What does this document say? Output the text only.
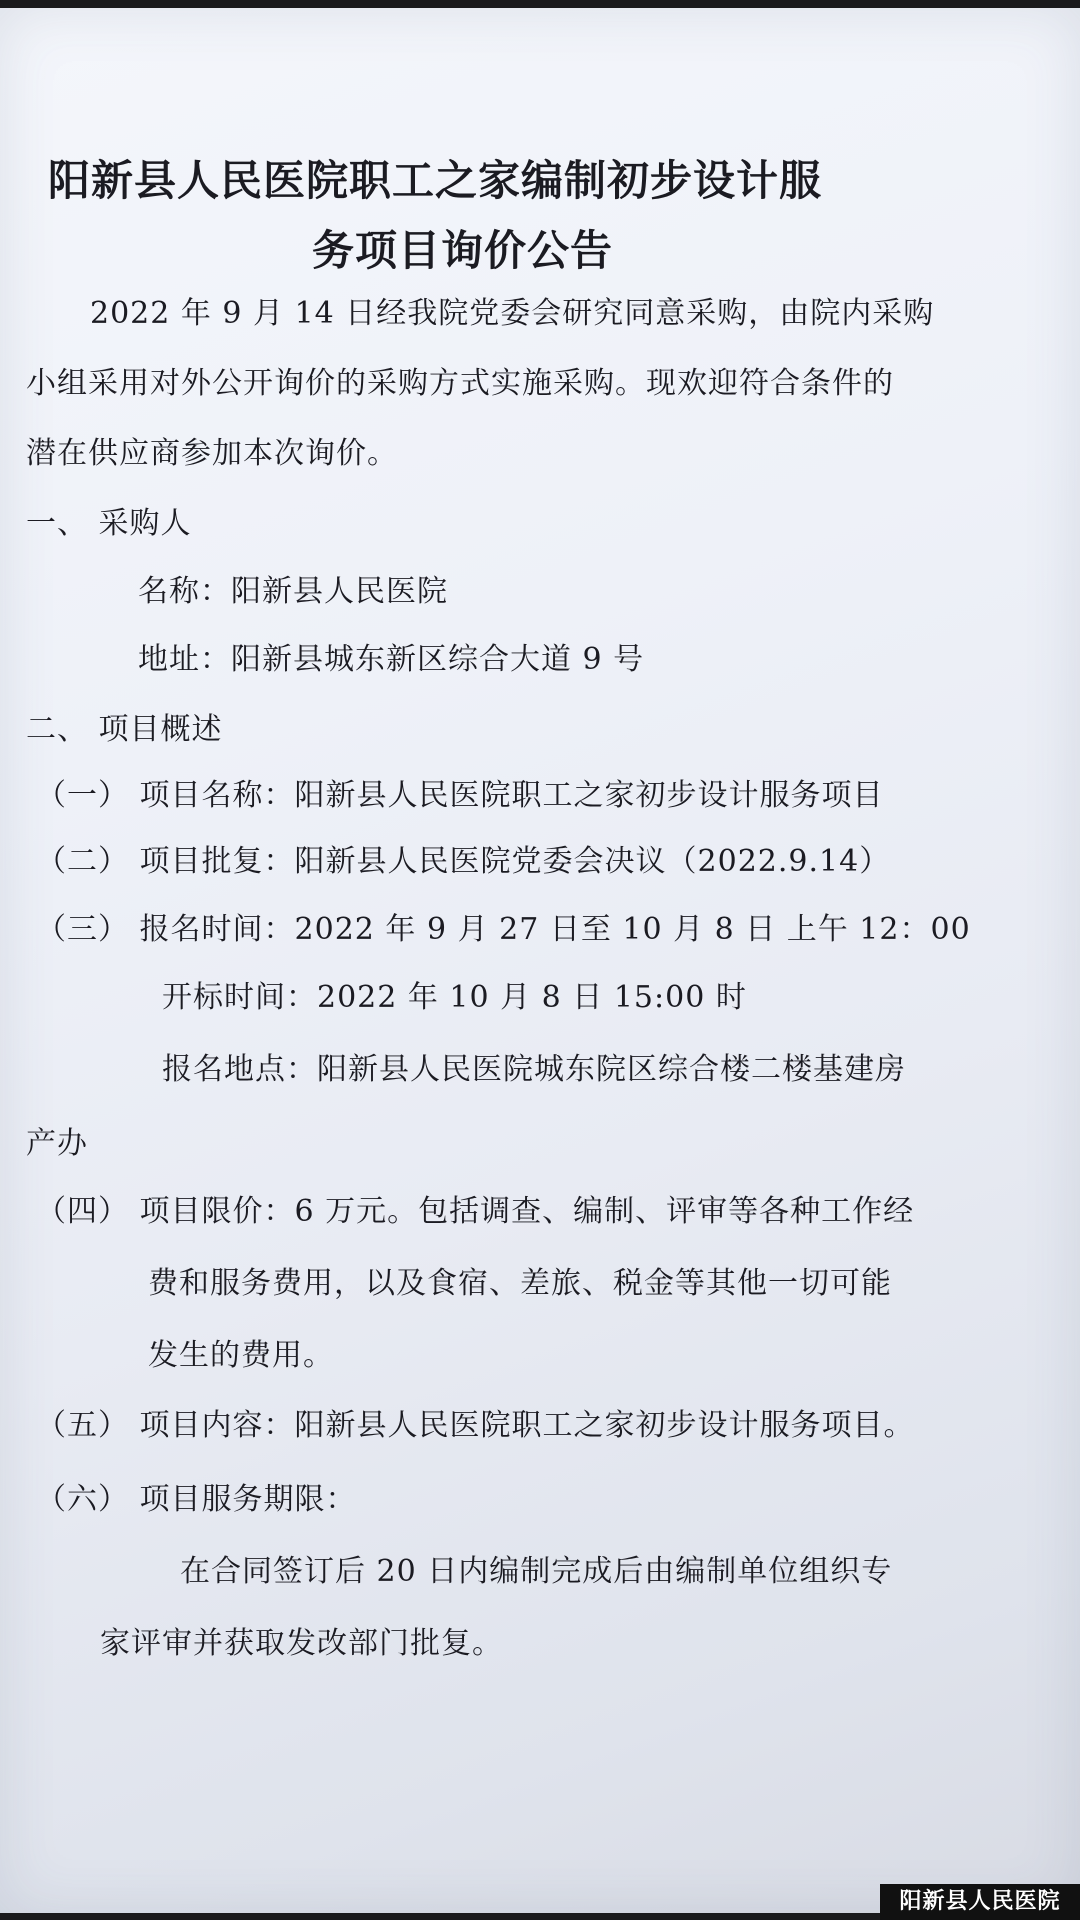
阳新县人民医院职工之家编制初步设计服
务项目询价公告
2022 年 9 月 14 日经我院党委会研究同意采购，由院内采购
小组采用对外公开询价的采购方式实施采购。现欢迎符合条件的
潜在供应商参加本次询价。
一、 采购人
名称：阳新县人民医院
地址：阳新县城东新区综合大道 9 号
二、 项目概述
（一） 项目名称：阳新县人民医院职工之家初步设计服务项目
（二） 项目批复：阳新县人民医院党委会决议（2022.9.14）
（三） 报名时间：2022 年 9 月 27 日至 10 月 8 日 上午 12：00
开标时间：2022 年 10 月 8 日 15:00 时
报名地点：阳新县人民医院城东院区综合楼二楼基建房
产办
（四） 项目限价：6 万元。包括调查、编制、评审等各种工作经
费和服务费用，以及食宿、差旅、税金等其他一切可能
发生的费用。
（五） 项目内容：阳新县人民医院职工之家初步设计服务项目。
（六） 项目服务期限：
在合同签订后 20 日内编制完成后由编制单位组织专
家评审并获取发改部门批复。
阳新县人民医院
